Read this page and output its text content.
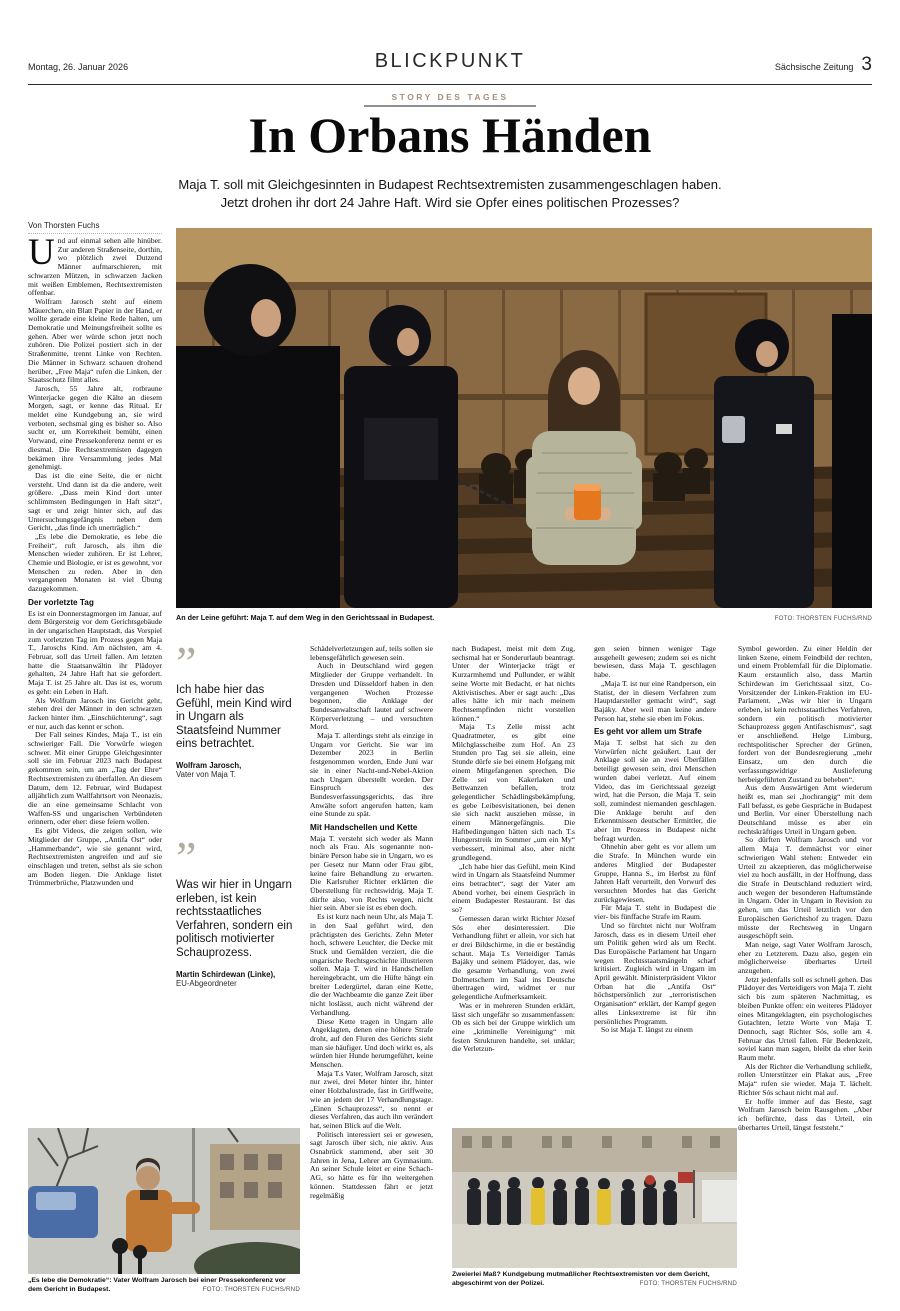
Montag, 26. Januar 2026	BLICKPUNKT	Sächsische Zeitung 3
STORY DES TAGES
In Orbans Händen
Maja T. soll mit Gleichgesinnten in Budapest Rechtsextremisten zusammengeschlagen haben.
Jetzt drohen ihr dort 24 Jahre Haft. Wird sie Opfer eines politischen Prozesses?
Von Thorsten Fuchs
An der Leine geführt: Maja T. auf dem Weg in den Gerichtssaal in Budapest.	FOTO: THORSTEN FUCHS/RND

Und auf einmal sehen alle hinüber. Zur anderen Straßenseite, dorthin, wo plötzlich zwei Dutzend Männer aufmarschieren, mit schwarzen Mützen, in schwarzen Jacken mit weißen Emblemen, Rechtsextremisten offenbar.

Wolfram Jarosch steht auf einem Mäuerchen, ein Blatt Papier in der Hand, er wollte gerade eine kleine Rede halten, um Demokratie und Meinungsfreiheit sollte es gehen. Aber wer würde schon jetzt noch zuhören. Die Polizei postiert sich in der Straßenmitte, trennt Linke von Rechten. Die Männer in Schwarz schauen drohend herüber, „Free Maja“ rufen die Linken, der Staatsschutz filmt alles.

Jarosch, 55 Jahre alt, rotbraune Winterjacke gegen die Kälte an diesem Morgen, sagt, er kenne das Ritual. Er meldet eine Kundgebung an, sie wird verboten, sechsmal ging es bisher so. Also sucht er, um Korrektheit bemüht, einen Vorwand, eine Pressekonferenz nennt er es diesmal. Die Rechtsextremisten dagegen bekämen ihre Versammlung jedes Mal genehmigt.

Das ist die eine Seite, die er nicht versteht. Und dann ist da die andere, weit größere. „Dass mein Kind dort unter schlimmsten Bedingungen in Haft sitzt“, sagt er und zeigt hinter sich, auf das Untersuchungsgefängnis neben dem Gericht, „das finde ich unerträglich.“

„Es lebe die Demokratie, es lebe die Freiheit“, ruft Jarosch, als ihm die Menschen wieder zuhören. Er ist Lehrer, Chemie und Biologie, er ist es gewohnt, vor Menschen zu reden. Aber in den vergangenen Monaten ist viel Übung dazugekommen.

Der vorletzte Tag

Es ist ein Donnerstagmorgen im Januar, auf dem Bürgersteig vor dem Gerichtsgebäude in der ungarischen Hauptstadt, das Vorspiel zum vorletzten Tag im Prozess gegen Maja T., Jaroschs Kind. Am nächsten, am 4. Februar, soll das Urteil fallen. Am letzten hatte die Staatsanwältin ihr Plädoyer gehalten, 24 Jahre Haft hat sie gefordert. Maja T. ist 25 Jahre alt. Das ist es, worum es geht: ein Leben in Haft.

Als Wolfram Jarosch ins Gericht geht, stehen drei der Männer in den schwarzen Jacken hinter ihm. „Einschüchterung“, sagt er nur, auch das kennt er schon.

Der Fall seines Kindes, Maja T., ist ein schwieriger Fall. Die Vorwürfe wiegen schwer. Mit einer Gruppe Gleichgesinnter soll sie im Februar 2023 nach Budapest gekommen sein, um am „Tag der Ehre“ Rechtsextremisten zu überfallen. An diesem Datum, dem 12. Februar, wird Budapest alljährlich zum Wallfahrtsort von Neonazis, die an eine gemeinsame Schlacht von Waffen-SS und ungarischen Verbündeten erinnern, oder eher: diese feiern wollen.

Es gibt Videos, die zeigen sollen, wie Mitglieder der Gruppe, „Antifa Ost“ oder „Hammerbande“, wie sie genannt wird, Rechtsextremisten angreifen und auf sie einschlagen und treten, selbst als sie schon am Boden liegen. Die Anklage listet Trümmerbrüche, Platzwunden und

”
Ich habe hier das Gefühl, mein Kind wird in Ungarn als Staatsfeind Nummer eins betrachtet.
Wolfram Jarosch,
Vater von Maja T.
”
Was wir hier in Ungarn erleben, ist kein rechtsstaatliches Verfahren, sondern ein politisch motivierter Schauprozess.
Martin Schirdewan (Linke),
EU-Abgeordneter

Schädelverletzungen auf, teils sollen sie lebensgefährlich gewesen sein.

Auch in Deutschland wird gegen Mitglieder der Gruppe verhandelt. In Dresden und Düsseldorf haben in den vergangenen Wochen Prozesse begonnen, die Anklage der Bundesanwaltschaft lautet auf schwere Körperverletzung – und versuchten Mord.

Maja T. allerdings steht als einzige in Ungarn vor Gericht. Sie war im Dezember 2023 in Berlin festgenommen worden, Ende Juni war sie in einer Nacht-und-Nebel-Aktion nach Ungarn überstellt worden. Der Einspruch des Bundesverfassungsgerichts, das ihre Anwälte sofort angerufen hatten, kam eine Stunde zu spät.

Mit Handschellen und Kette

Maja T. versteht sich weder als Mann noch als Frau. Als sogenannte non-binäre Person habe sie in Ungarn, wo es per Gesetz nur Mann oder Frau gibt, keine faire Behandlung zu erwarten. Die Karlsruher Richter erklärten die Überstellung für rechtswidrig. Maja T. dürfte also, von Rechts wegen, nicht hier sein. Aber sie ist es eben doch.

Es ist kurz nach neun Uhr, als Maja T. in den Saal geführt wird, den prächtigsten des Gerichts. Zehn Meter hoch, schwere Leuchter, die Decke mit Stuck und Gemälden verziert, die die ungarische Rechtsgeschichte illustrieren sollen. Maja T. wird in Handschellen hereingebracht, um die Hüfte hängt ein breiter Ledergürtel, daran eine Kette, die der Wachbeamte die ganze Zeit über nicht loslässt, auch nicht während der Verhandlung.

Diese Kette tragen in Ungarn alle Angeklagten, denen eine höhere Strafe droht, auf den Fluren des Gerichts sieht man sie häufiger. Und doch wirkt es, als würden hier Hunde herumgeführt, keine Menschen.

Maja T.s Vater, Wolfram Jarosch, sitzt nur zwei, drei Meter hinter ihr, hinter einer Holzbalustrade, fast in Griffweite, wie an jedem der 17 Verhandlungstage. „Einen Schauprozess“, so nennt er dieses Verfahren, das auch ihn verändert hat, seinen Blick auf die Welt.

Politisch interessiert sei er gewesen, sagt Jarosch über sich, nie aktiv. Aus Osnabrück stammend, aber seit 30 Jahren in Jena, Lehrer am Gymnasium. An seiner Schule leitet er eine Schach-AG, so hätte es für ihn weitergehen können. Stattdessen fährt er jetzt regelmäßig

nach Budapest, meist mit dem Zug, sechsmal hat er Sonderurlaub beantragt. Unter der Winterjacke trägt er Kurzarmhemd und Pullunder, er wählt seine Worte mit Bedacht, er hat nichts Aktivistisches. Aber er sagt auch: „Das alles hätte ich mir nach meinem Rechtsempfinden nicht vorstellen können.“

Maja T.s Zelle misst acht Quadratmeter, es gibt eine Milchglasscheibe zum Hof. An 23 Stunden pro Tag sei sie allein, eine Stunde dürfe sie bei einem Hofgang mit einem Mitgefangenen sprechen. Die Zelle sei von Kakerlaken und Bettwanzen befallen, trotz gelegentlicher Schädlingsbekämpfung, es gebe Leibesvisitationen, bei denen sie sich nackt ausziehen müsse, in einem Männergefängnis. Die Haftbedingungen hätten sich nach T.s Hungerstreik im Sommer „um ein My“ verbessert, minimal also, aber nicht grundlegend.

„Ich habe hier das Gefühl, mein Kind wird in Ungarn als Staatsfeind Nummer eins betrachtet“, sagt der Vater am Abend vorher, bei einem Gespräch in einem Budapester Restaurant. Ist das so?

Gemessen daran wirkt Richter József Sós eher desinteressiert. Die Verhandlung führt er allein, vor sich hat er drei Bildschirme, in die er beständig schaut. Maja T.s Verteidiger Tamás Bajáky und seinem Plädoyer, das, wie die gesamte Verhandlung, von zwei Dolmetschern im Saal ins Deutsche übertragen wird, widmet er nur gelegentliche Aufmerksamkeit.

Was er in mehreren Stunden erklärt, lässt sich ungefähr so zusammenfassen: Ob es sich bei der Gruppe wirklich um eine „kriminelle Vereinigung“ mit festen Strukturen handelte, sei unklar; die Verletzun-

gen seien binnen weniger Tage ausgeheilt gewesen; zudem sei es nicht bewiesen, dass Maja T. geschlagen habe.

„Maja T. ist nur eine Randperson, ein Statist, der in diesem Verfahren zum Hauptdarsteller gemacht wird“, sagt Bajáky. Aber weil man keine andere Person hat, stehe sie eben im Fokus.

Es geht vor allem um Strafe

Maja T. selbst hat sich zu den Vorwürfen nicht geäußert. Laut der Anklage soll sie an zwei Überfällen beteiligt gewesen sein, drei Menschen wurden dabei verletzt. Auf einem Video, das im Gerichtssaal gezeigt wird, hat die Person, die Maja T. sein soll, zumindest niemanden geschlagen. Die Anklage beruht auf den Erkenntnissen deutscher Ermittler, die aber im Prozess in Budapest nicht befragt wurden.

Ohnehin aber geht es vor allem um die Strafe. In München wurde ein anderes Mitglied der Budapester Gruppe, Hanna S., im Herbst zu fünf Jahren Haft verurteilt, den Vorwurf des versuchten Mordes hat das Gericht zurückgewiesen.

Für Maja T. steht in Budapest die vier- bis fünffache Strafe im Raum.

Und so fürchtet nicht nur Wolfram Jarosch, dass es in diesem Urteil eher um Politik gehen wird als um Recht. Das Europäische Parlament hat Ungarn wegen Rechtsstaatsmängeln scharf kritisiert. Zugleich wird in Ungarn im April gewählt. Ministerpräsident Viktor Orban hat die „Antifa Ost“ höchstpersönlich zur „terroristischen Organisation“ erklärt, der Kampf gegen alles Linksextreme ist für ihn persönliches Programm.

So ist Maja T. längst zu einem

Symbol geworden. Zu einer Heldin der linken Szene, einem Feindbild der rechten, und einem Problemfall für die Diplomatie. Kaum erstaunlich also, dass Martin Schirdewan im Gerichtssaal sitzt, Co-Vorsitzender der Linken-Fraktion im EU-Parlament. „Was wir hier in Ungarn erleben, ist kein rechtsstaatliches Verfahren, sondern ein politisch motivierter Schauprozess gegen Antifaschismus“, sagt er anschließend. Helge Limburg, rechtspolitischer Sprecher der Grünen, fordert von der Bundesregierung „mehr Einsatz, um den durch die verfassungswidrige Auslieferung herbeigeführten Zustand zu beheben“.

Aus dem Auswärtigen Amt wiederum heißt es, man sei „hochrangig“ mit dem Fall befasst, es gebe Gespräche in Budapest und Berlin. Vor einer Überstellung nach Deutschland müsse es aber ein rechtskräftiges Urteil in Ungarn geben.

So dürften Wolfram Jarosch und vor allem Maja T. demnächst vor einer schwierigen Wahl stehen: Entweder ein Urteil zu akzeptieren, das möglicherweise viel zu hoch ausfällt, in der Hoffnung, dass die Strafe in Deutschland reduziert wird, auch wegen der besonderen Haftumstände in Ungarn. Oder in Ungarn in Revision zu gehen, um das Urteil letztlich vor den Europäischen Gerichtshof zu tragen. Dazu müsste der Rechtsweg in Ungarn ausgeschöpft sein.

Man neige, sagt Vater Wolfram Jarosch, eher zu Letzterem. Dazu also, gegen ein möglicherweise überhartes Urteil anzugehen.

Jetzt jedenfalls soll es schnell gehen. Das Plädoyer des Verteidigers von Maja T. zieht sich bis zum späteren Nachmittag, es bleiben Punkte offen: ein weiteres Plädoyer eines Mitangeklagten, ein psychologisches Gutachten, letzte Worte von Maja T. Dennoch, sagt Richter Sós, solle am 4. Februar das Urteil fallen. Für Bedenkzeit, soviel kann man sagen, bleibt da eher kein Raum mehr.

Als der Richter die Verhandlung schließt, rollen Unterstützer ein Plakat aus, „Free Maja“ rufen sie wieder. Maja T. lächelt. Richter Sós schaut nicht mal auf.

Er hoffe immer auf das Beste, sagt Wolfram Jarosch beim Rausgehen. „Aber ich befürchte, dass das Urteil, ein überhartes Urteil, längst feststeht.“

„Es lebe die Demokratie“: Vater Wolfram Jarosch bei einer Pressekonferenz vor dem Gericht in Budapest.	FOTO: THORSTEN FUCHS/RND
Zweierlei Maß? Kundgebung mutmaßlicher Rechtsextremisten vor dem Gericht, abgeschirmt von der Polizei.	FOTO: THORSTEN FUCHS/RND
